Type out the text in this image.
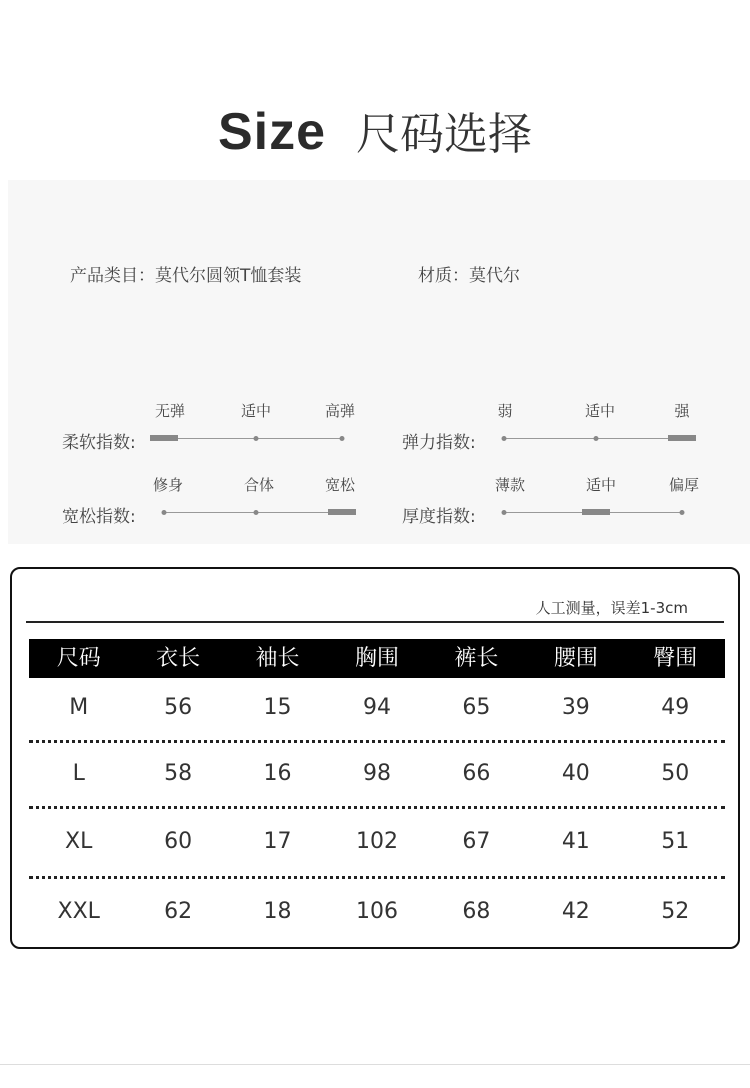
Size 尺码选择
产品类目：莫代尔圆领T恤套装	材质：莫代尔
柔软指数:
无弹	适中	高弹
弹力指数:
弱	适中	强
宽松指数:
修身	合体	宽松
厚度指数:
薄款	适中	偏厚
人工测量，误差1-3cm
尺码	衣长	袖长	胸围	裤长	腰围	臀围
M	56	15	94	65	39	49
L	58	16	98	66	40	50
XL	60	17	102	67	41	51
XXL	62	18	106	68	42	52
